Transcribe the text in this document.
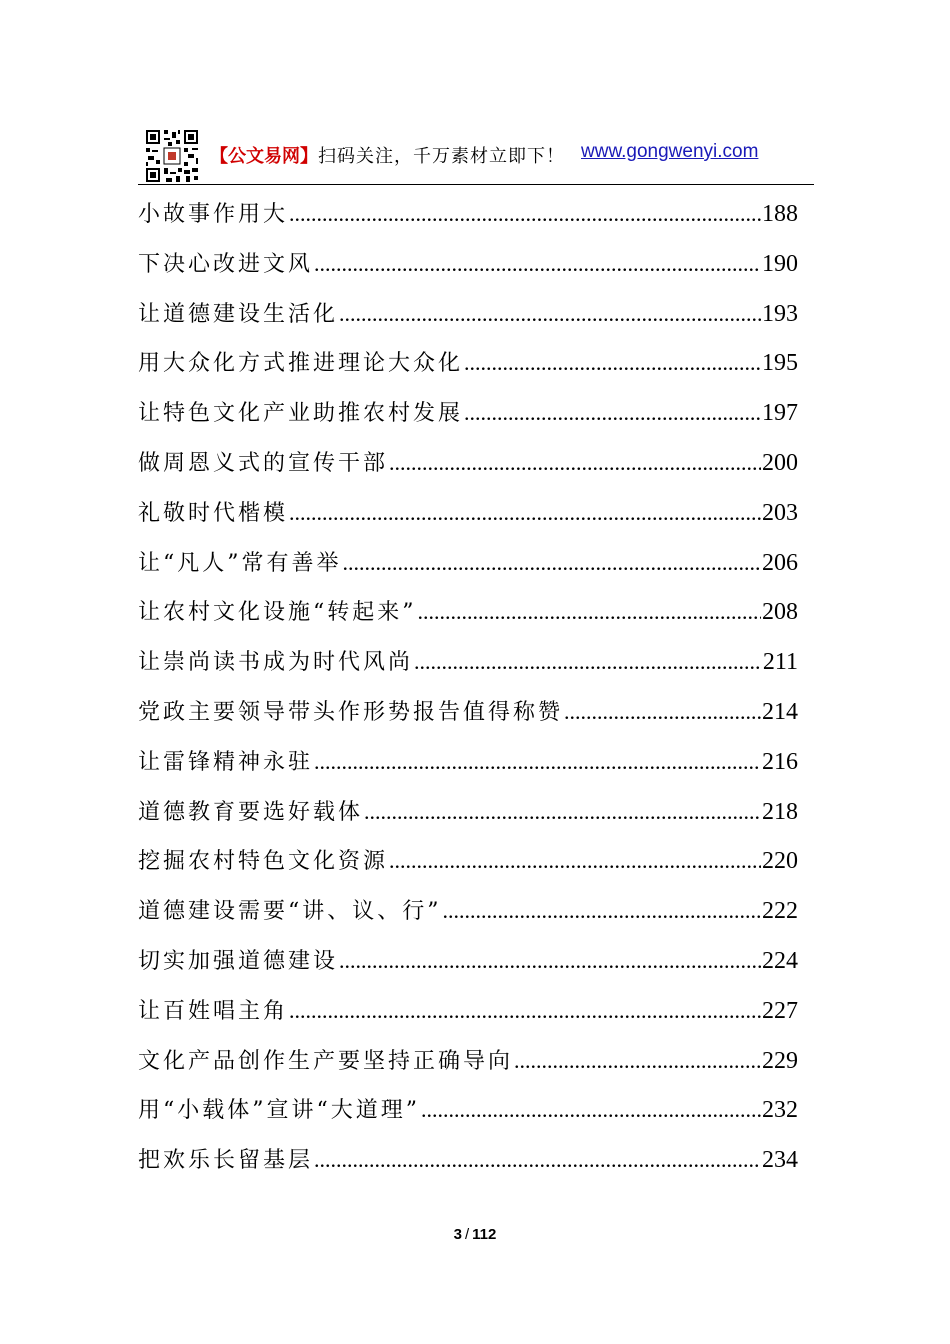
【公文易网】 扫码关注，千万素材立即下！ www.gongwenyi.com
小故事作用大 .....	188
下决心改进文风 .....	190
让道德建设生活化 .....	193
用大众化方式推进理论大众化 .....	195
让特色文化产业助推农村发展 .....	197
做周恩义式的宣传干部 .....	200
礼敬时代楷模 .....	203
让“凡人”常有善举 .....	206
让农村文化设施“转起来” .....	208
让崇尚读书成为时代风尚 .....	211
党政主要领导带头作形势报告值得称赞 .....	214
让雷锋精神永驻 .....	216
道德教育要选好载体 .....	218
挖掘农村特色文化资源 .....	220
道德建设需要“讲、议、行” .....	222
切实加强道德建设 .....	224
让百姓唱主角 .....	227
文化产品创作生产要坚持正确导向 .....	229
用“小载体”宣讲“大道理” .....	232
把欢乐长留基层 .....	234
3 / 112
